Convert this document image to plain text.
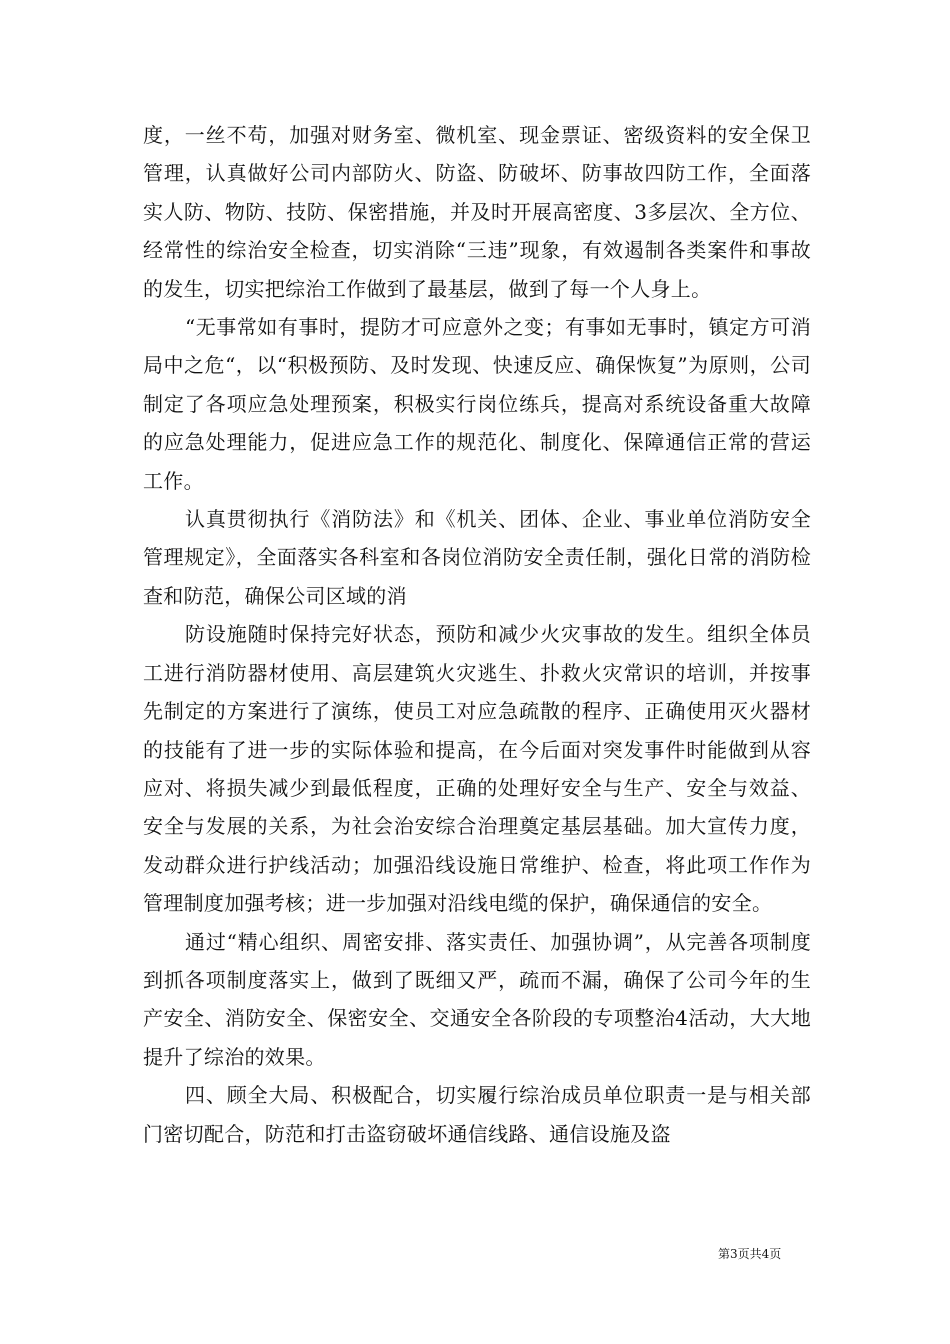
度，一丝不苟，加强对财务室、微机室、现金票证、密级资料的安全保卫管理，认真做好公司内部防火、防盗、防破坏、防事故四防工作，全面落实人防、物防、技防、保密措施，并及时开展高密度、3多层次、全方位、经常性的综治安全检查，切实消除“三违”现象，有效遏制各类案件和事故的发生，切实把综治工作做到了最基层，做到了每一个人身上。

“无事常如有事时，提防才可应意外之变；有事如无事时，镇定方可消局中之危“，以“积极预防、及时发现、快速反应、确保恢复”为原则，公司制定了各项应急处理预案，积极实行岗位练兵，提高对系统设备重大故障的应急处理能力，促进应急工作的规范化、制度化、保障通信正常的营运工作。

认真贯彻执行《消防法》和《机关、团体、企业、事业单位消防安全管理规定》，全面落实各科室和各岗位消防安全责任制，强化日常的消防检查和防范，确保公司区域的消

防设施随时保持完好状态，预防和减少火灾事故的发生。组织全体员工进行消防器材使用、高层建筑火灾逃生、扑救火灾常识的培训，并按事先制定的方案进行了演练，使员工对应急疏散的程序、正确使用灭火器材的技能有了进一步的实际体验和提高，在今后面对突发事件时能做到从容应对、将损失减少到最低程度，正确的处理好安全与生产、安全与效益、安全与发展的关系，为社会治安综合治理奠定基层基础。加大宣传力度，发动群众进行护线活动；加强沿线设施日常维护、检查，将此项工作作为管理制度加强考核；进一步加强对沿线电缆的保护，确保通信的安全。

通过“精心组织、周密安排、落实责任、加强协调”，从完善各项制度到抓各项制度落实上，做到了既细又严，疏而不漏，确保了公司今年的生产安全、消防安全、保密安全、交通安全各阶段的专项整治4活动，大大地提升了综治的效果。

四、顾全大局、积极配合，切实履行综治成员单位职责一是与相关部门密切配合，防范和打击盗窃破坏通信线路、通信设施及盗

第3页共4页
